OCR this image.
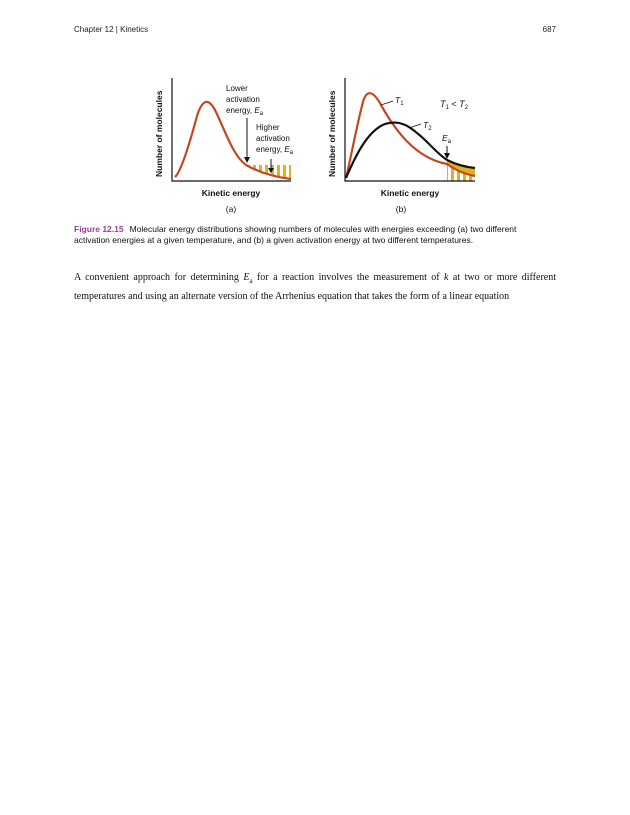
Chapter 12 | Kinetics	687
Number of molecules
Kinetic energy
(a)
Lower activation energy, $E_a$
Higher activation energy, $E_a$	Number of molecules
Kinetic energy
(b)
$T_1$
$T_2$
$T_1 < T_2$
$E_a$
Figure 12.15 Molecular energy distributions showing numbers of molecules with energies exceeding (a) two different activation energies at a given temperature, and (b) a given activation energy at two different temperatures.
A convenient approach for determining $E_a$ for a reaction involves the measurement of k at two or more different temperatures and using an alternate version of the Arrhenius equation that takes the form of a linear equation
